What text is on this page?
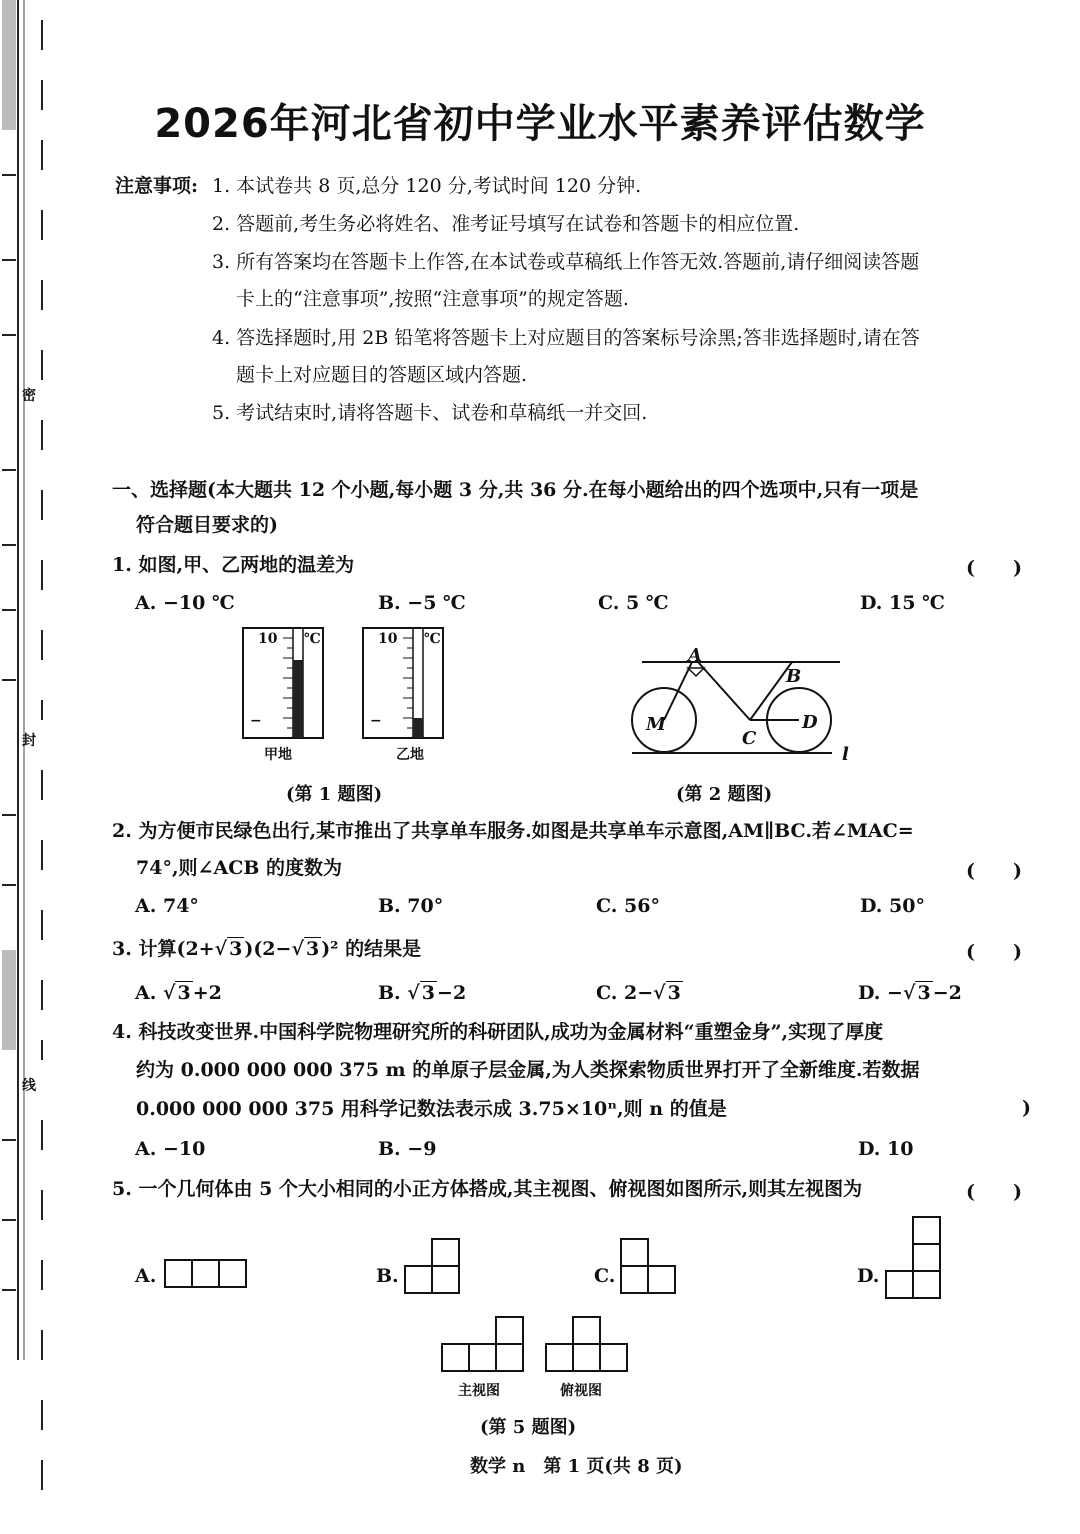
密
封
线
2026年河北省初中学业水平素养评估数学
注意事项: 1. 本试卷共 8 页,总分 120 分,考试时间 120 分钟.
2. 答题前,考生务必将姓名、准考证号填写在试卷和答题卡的相应位置.
3. 所有答案均在答题卡上作答,在本试卷或草稿纸上作答无效.答题前,请仔细阅读答题
卡上的“注意事项”,按照“注意事项”的规定答题.
4. 答选择题时,用 2B 铅笔将答题卡上对应题目的答案标号涂黑;答非选择题时,请在答
题卡上对应题目的答题区域内答题.
5. 考试结束时,请将答题卡、试卷和草稿纸一并交回.
一、选择题(本大题共 12 个小题,每小题 3 分,共 36 分.在每小题给出的四个选项中,只有一项是
符合题目要求的)
1. 如图,甲、乙两地的温差为	(　　)
A. −10 ℃	B. −5 ℃	C. 5 ℃	D. 15 ℃
10 ℃
−
10 ℃
−
甲地	乙地
(第 1 题图)
A
B
C
D
M
l
(第 2 题图)
2. 为方便市民绿色出行,某市推出了共享单车服务.如图是共享单车示意图,AM∥BC.若∠MAC=
74°,则∠ACB 的度数为	(　　)
A. 74°	B. 70°	C. 56°	D. 50°
3. 计算(2+√ 3 )(2−√ 3 )² 的结果是	(　　)
A. √ 3 +2	B. √ 3 −2	C. 2−√ 3	D. −√ 3 −2
4. 科技改变世界.中国科学院物理研究所的科研团队,成功为金属材料“重塑金身”,实现了厚度
约为 0.000 000 000 375 m 的单原子层金属,为人类探索物质世界打开了全新维度.若数据
0.000 000 000 375 用科学记数法表示成 3.75×10ⁿ,则 n 的值是	)
A. −10	B. −9	D. 10
5. 一个几何体由 5 个大小相同的小正方体搭成,其主视图、俯视图如图所示,则其左视图为	(　　)
A.	B.	C.	D.
主视图	俯视图
(第 5 题图)
数学 n　第 1 页(共 8 页)
